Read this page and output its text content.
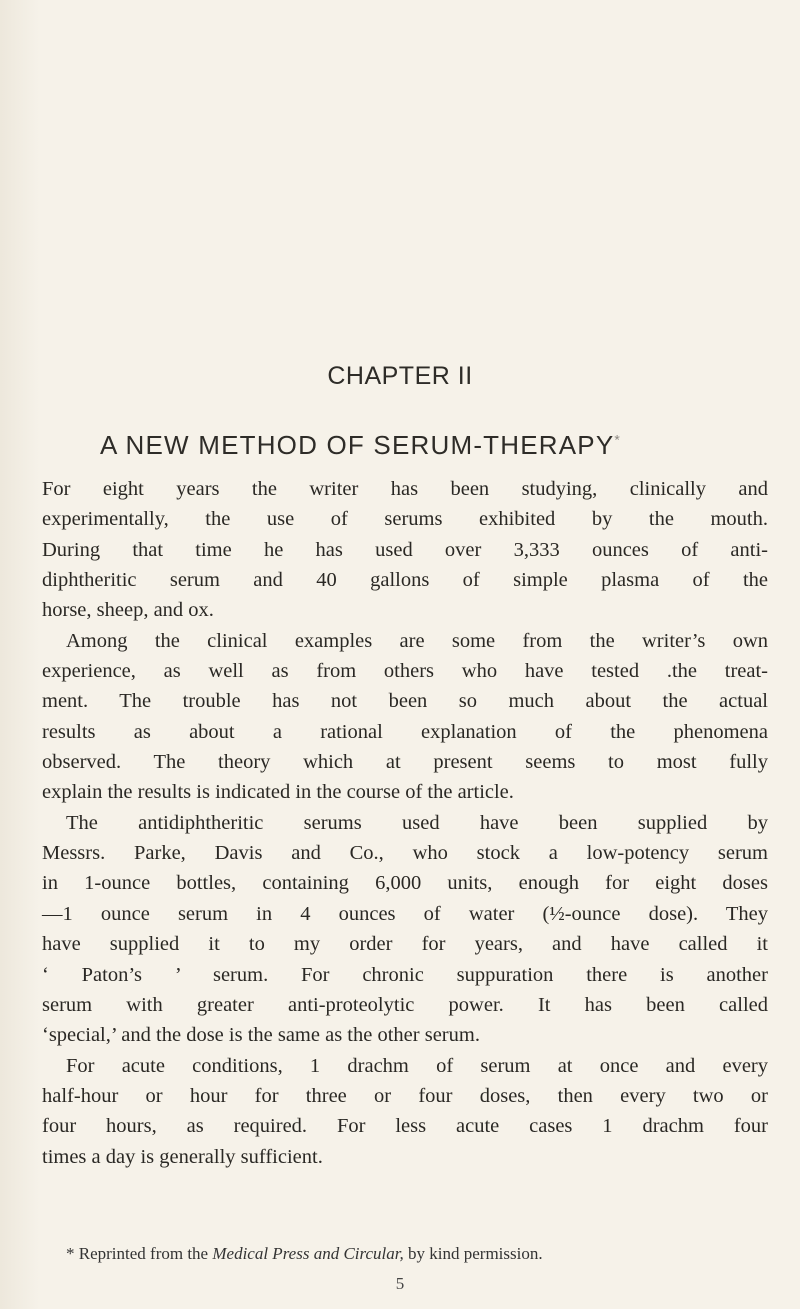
CHAPTER II
A NEW METHOD OF SERUM-THERAPY*
For eight years the writer has been studying, clinically and
experimentally, the use of serums exhibited by the mouth.
During that time he has used over 3,333 ounces of anti-
diphtheritic serum and 40 gallons of simple plasma of the
horse, sheep, and ox.
Among the clinical examples are some from the writer’s own
experience, as well as from others who have tested .the treat-
ment. The trouble has not been so much about the actual
results as about a rational explanation of the phenomena
observed. The theory which at present seems to most fully
explain the results is indicated in the course of the article.
The antidiphtheritic serums used have been supplied by
Messrs. Parke, Davis and Co., who stock a low-potency serum
in 1-ounce bottles, containing 6,000 units, enough for eight doses
—1 ounce serum in 4 ounces of water (½-ounce dose). They
have supplied it to my order for years, and have called it
‘ Paton’s ’ serum. For chronic suppuration there is another
serum with greater anti-proteolytic power. It has been called
‘special,’ and the dose is the same as the other serum.
For acute conditions, 1 drachm of serum at once and every
half-hour or hour for three or four doses, then every two or
four hours, as required. For less acute cases 1 drachm four
times a day is generally sufficient.
* Reprinted from the Medical Press and Circular, by kind permission.
5
